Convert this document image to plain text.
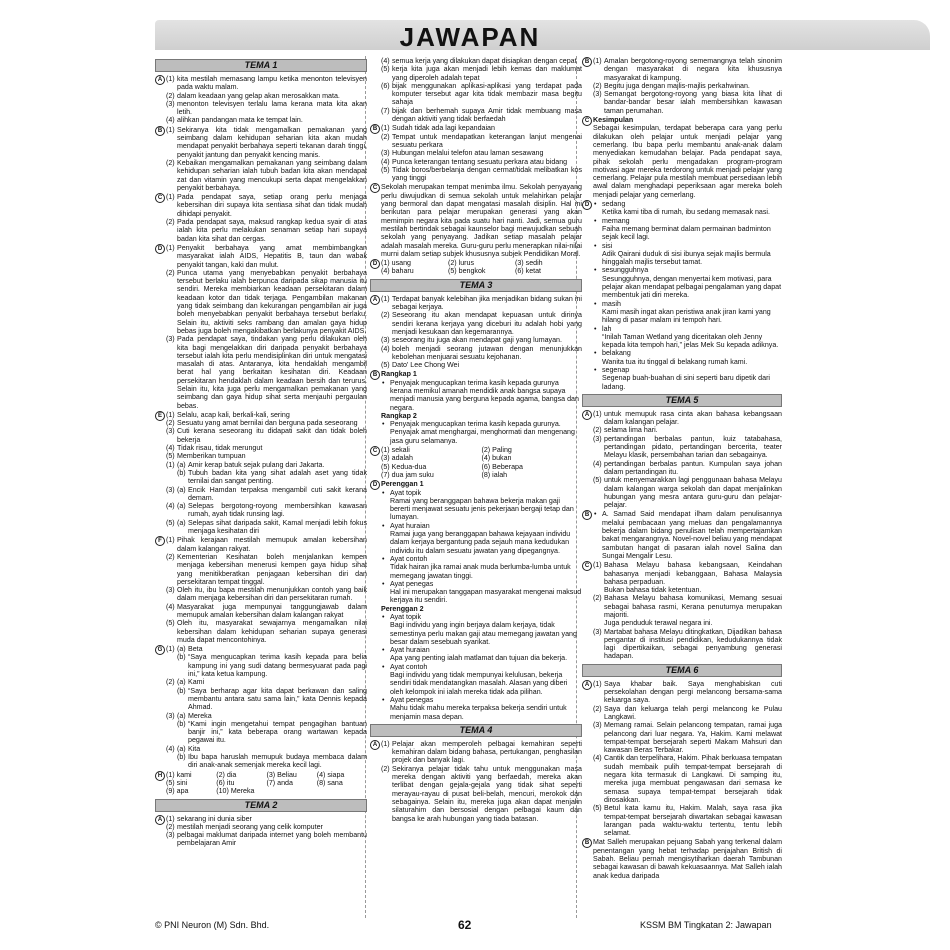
JAWAPAN
TEMA 1
A (1) kita mestilah memasang lampu ketika menonton televisyen pada waktu malam.
(2) dalam keadaan yang gelap akan merosakkan mata.
(3) menonton televisyen terlalu lama kerana mata kita akan letih.
(4) alihkan pandangan mata ke tempat lain.
B (1) Sekiranya kita tidak mengamalkan pemakanan yang seimbang dalam kehidupan seharian kita akan mudah mendapat penyakit berbahaya seperti tekanan darah tinggi, penyakit jantung dan penyakit kencing manis.
(2) Kebaikan mengamalkan pemakanan yang seimbang dalam kehidupan seharian ialah tubuh badan kita akan mendapat zat dan vitamin yang mencukupi serta dapat mengelakkan penyakit berbahaya.
C (1) Pada pendapat saya, setiap orang perlu menjaga kebersihan diri supaya kita sentiasa sihat dan tidak mudah dihidapi penyakit.
(2) Pada pendapat saya, maksud rangkap kedua syair di atas ialah kita perlu melakukan senaman setiap hari supaya badan kita sihat dan cergas.
D (1) Penyakit berbahaya yang amat membimbangkan masyarakat ialah AIDS, Hepatitis B, taun dan wabak penyakit tangan, kaki dan mulut.
(2) Punca utama yang menyebabkan penyakit berbahaya tersebut berlaku ialah berpunca daripada sikap manusia itu sendiri. Mereka membiarkan keadaan persekitaran dalam keadaan kotor dan tidak terjaga. Pengambilan makanan yang tidak seimbang dan kekurangan pengambilan air juga boleh menyebabkan penyakit berbahaya tersebut berlaku. Selain itu, aktiviti seks rambang dan amalan gaya hidup bebas juga boleh mengakibatkan berlakunya penyakit AIDS.
(3) Pada pendapat saya, tindakan yang perlu dilakukan oleh kita bagi mengelakkan diri daripada penyakit berbahaya tersebut ialah kita perlu mendisiplinkan diri untuk mengatasi masalah di atas. Antaranya, kita hendaklah mengambil berat hal yang berkaitan kesihatan diri. Keadaan persekitaran hendaklah dalam keadaan bersih dan terurus. Selain itu, kita juga perlu mengamalkan pemakanan yang seimbang dan gaya hidup sihat serta menjauhi pergaulan bebas.
E (1) Selalu, acap kali, berkali-kali, sering
(2) Sesuatu yang amat bernilai dan berguna pada seseorang
(3) Cuti kerana seseorang itu didapati sakit dan tidak boleh bekerja
(4) Tidak risau, tidak merungut
(5) Memberikan tumpuan
(1) (a) Amir kerap batuk sejak pulang dari Jakarta.
(b) Tubuh badan kita yang sihat adalah aset yang tidak ternilai dan sangat penting.
(3) (a) Encik Hamdan terpaksa mengambil cuti sakit kerana demam.
(4) (a) Selepas bergotong-royong membersihkan kawasan rumah, ayah tidak runsing lagi.
(5) (a) Selepas sihat daripada sakit, Kamal menjadi lebih fokus menjaga kesihatan diri
F (1) Pihak kerajaan mestilah memupuk amalan kebersihan dalam kalangan rakyat.
(2) Kementerian Kesihatan boleh menjalankan kempen menjaga kebersihan menerusi kempen gaya hidup sihat yang menitikberatkan penjagaan kebersihan diri dan persekitaran tempat tinggal.
(3) Oleh itu, ibu bapa mestilah menunjukkan contoh yang baik dalam menjaga kebersihan diri dan persekitaran rumah.
(4) Masyarakat juga mempunyai tanggungjawab dalam memupuk amalan kebersihan dalam kalangan rakyat
(5) Oleh itu, masyarakat sewajarnya mengamalkan nilai kebersihan dalam kehidupan seharian supaya generasi muda dapat mencontohinya.
G (1) (a) Beta
(b) “Saya mengucapkan terima kasih kepada para belia kampung ini yang sudi datang bermesyuarat pada pagi ini,” kata ketua kampung.
(2) (a) Kami
(b) “Saya berharap agar kita dapat berkawan dan saling membantu antara satu sama lain,” kata Dennis kepada Ahmad.
(3) (a) Mereka
(b) “Kami ingin mengetahui tempat pengagihan bantuan banjir ini,” kata beberapa orang wartawan kepada pegawai itu.
(4) (a) Kita
(b) Ibu bapa haruslah memupuk budaya membaca dalam diri anak-anak semenjak mereka kecil lagi.
H (1) kami	(2) dia	(3) Beliau	(4) siapa
(5) sini	(6) itu	(7) anda	(8) sana
(9) apa	(10) Mereka
TEMA 2
A (1) sekarang ini dunia siber
(2) mestilah menjadi seorang yang celik komputer
(3) pelbagai maklumat daripada internet yang boleh membantu pembelajaran Amir
(4) semua kerja yang dilakukan dapat disiapkan dengan cepat
(5) kerja kita juga akan menjadi lebih kemas dan maklumat yang diperoleh adalah tepat
(6) bijak menggunakan aplikasi-aplikasi yang terdapat pada komputer tersebut agar kita tidak membazir masa begitu sahaja
(7) bijak dan berhemah supaya Amir tidak membuang masa dengan aktiviti yang tidak berfaedah
B (1) Sudah tidak ada lagi kepandaian
(2) Tempat untuk mendapatkan keterangan lanjut mengenai sesuatu perkara
(3) Hubungan melalui telefon atau laman sesawang
(4) Punca keterangan tentang sesuatu perkara atau bidang
(5) Tidak boros/berbelanja dengan cermat/tidak melibatkan kos yang tinggi
C Sekolah merupakan tempat menimba ilmu. Sekolah penyayang perlu diwujudkan di semua sekolah untuk melahirkan pelajar yang bermoral dan dapat mengatasi masalah disiplin. Hal ini berikutan para pelajar merupakan generasi yang akan memimpin negara kita pada suatu hari nanti. Jadi, semua guru mestilah bertindak sebagai kaunselor bagi mewujudkan sebuah sekolah yang penyayang. Jadikan setiap masalah pelajar adalah masalah mereka. Guru-guru perlu menerapkan nilai-nilai murni dalam setiap subjek khususnya subjek Pendidikan Moral.
D (1) usang	(2) lurus	(3) sedih
(4) baharu	(5) bengkok	(6) ketat
TEMA 3
A (1) Terdapat banyak kelebihan jika menjadikan bidang sukan ini sebagai kerjaya.
(2) Seseorang itu akan mendapat kepuasan untuk dirinya sendiri kerana kerjaya yang diceburi itu adalah hobi yang menjadi kesukaan dan kegemarannya.
(3) seseorang itu juga akan mendapat gaji yang lumayan.
(4) boleh menjadi seorang jutawan dengan menunjukkan kebolehan menjuarai sesuatu kejohanan.
(5) Dato' Lee Chong Wei
B Rangkap 1
• Penyajak mengucapkan terima kasih kepada gurunya kerana memikul amanah mendidik anak bangsa supaya menjadi manusia yang berguna kepada agama, bangsa dan negara.
Rangkap 2
• Penyajak mengucapkan terima kasih kepada gurunya. Penyajak amat menghargai, menghormati dan mengenang jasa guru selamanya.
C (1) sekali	(2) Paling
(3) adalah	(4) bukan
(5) Kedua-dua	(6) Beberapa
(7) dua jam suku	(8) ialah
D Perenggan 1
• Ayat topik
Ramai yang beranggapan bahawa bekerja makan gaji bererti menjawat sesuatu jenis pekerjaan bergaji tetap dan lumayan.
• Ayat huraian
Ramai juga yang beranggapan bahawa kejayaan individu dalam kerjaya bergantung pada sejauh mana kedudukan individu itu dalam sesuatu jawatan yang dipegangnya.
• Ayat contoh
Tidak hairan jika ramai anak muda berlumba-lumba untuk memegang jawatan tinggi.
• Ayat penegas
Hal ini merupakan tanggapan masyarakat mengenai maksud kerjaya itu sendiri.
Perenggan 2
• Ayat topik
Bagi individu yang ingin berjaya dalam kerjaya, tidak semestinya perlu makan gaji atau memegang jawatan yang besar dalam sesebuah syarikat.
• Ayat huraian
Apa yang penting ialah matlamat dan tujuan dia bekerja.
• Ayat contoh
Bagi individu yang tidak mempunyai kelulusan, bekerja sendiri tidak mendatangkan masalah. Alasan yang diberi oleh kelompok ini ialah mereka tidak ada pilihan.
• Ayat penegas
Mahu tidak mahu mereka terpaksa bekerja sendiri untuk menjamin masa depan.
TEMA 4
A (1) Pelajar akan memperoleh pelbagai kemahiran seperti kemahiran dalam bidang bahasa, pertukangan, penghasilan projek dan banyak lagi.
(2) Sekiranya pelajar tidak tahu untuk menggunakan masa mereka dengan aktiviti yang berfaedah, mereka akan terlibat dengan gejala-gejala yang tidak sihat seperti merayau-rayau di pusat beli-belah, mencuri, merokok dan sebagainya. Selain itu, mereka juga akan dapat menjalin silaturahim dan bersosial dengan pelbagai kaum dan bangsa ke arah hubungan yang tiada batasan.
B (1) Amalan bergotong-royong sememangnya telah sinonim dengan masyarakat di negara kita khususnya masyarakat di kampung.
(2) Begitu juga dengan majlis-majlis perkahwinan.
(3) Semangat bergotong-royong yang biasa kita lihat di bandar-bandar besar ialah membersihkan kawasan taman perumahan.
C Kesimpulan
Sebagai kesimpulan, terdapat beberapa cara yang perlu dilakukan oleh pelajar untuk menjadi pelajar yang cemerlang. Ibu bapa perlu membantu anak-anak dalam menyediakan kemudahan belajar. Pada pendapat saya, pihak sekolah perlu mengadakan program-program motivasi agar mereka terdorong untuk menjadi pelajar yang cemerlang. Pelajar pula mestilah membuat persediaan lebih awal dalam menghadapi peperiksaan agar mereka boleh menjadi pelajar yang cemerlang.
D	• sedang
Ketika kami tiba di rumah, ibu sedang memasak nasi.
• memang
Faiha memang berminat dalam permainan badminton sejak kecil lagi.
• sisi
Adik Qairani duduk di sisi ibunya sejak majlis bermula hinggalah majlis tersebut tamat.
• sesungguhnya
Sesungguhnya, dengan menyertai kem motivasi, para pelajar akan mendapat pelbagai pengalaman yang dapat membentuk jati diri mereka.
• masih
Kami masih ingat akan peristiwa anak jiran kami yang hilang di pasar malam ini tempoh hari.
• lah
“Inilah Taman Wetland yang diceritakan oleh Jenny kepada kita tempoh hari,” jelas Mek Su kepada adiknya.
• belakang
Wanita tua itu tinggal di belakang rumah kami.
• segenap
Segenap buah-buahan di sini seperti baru dipetik dari ladang.
TEMA 5
A (1) untuk memupuk rasa cinta akan bahasa kebangsaan dalam kalangan pelajar.
(2) selama lima hari.
(3) pertandingan berbalas pantun, kuiz tatabahasa, pertandingan pidato, pertandingan bercerita, teater Melayu klasik, persembahan tarian dan sebagainya.
(4) pertandingan berbalas pantun. Kumpulan saya johan dalam pertandingan itu.
(5) untuk menyemarakkan lagi penggunaan bahasa Melayu dalam kalangan warga sekolah dan dapat menjalinkan hubungan yang mesra antara guru-guru dan pelajar-pelajar.
B	• A. Samad Said mendapat ilham dalam penulisannya melalui pembacaan yang meluas dan pengalamannya bekerja dalam bidang penulisan telah mempertajamkan bakat mengarangnya. Novel-novel beliau yang mendapat sambutan hangat di pasaran ialah novel Salina dan Sungai Mengalir Lesu.
C (1) Bahasa Melayu bahasa kebangsaan, Keindahan bahasanya menjadi kebanggaan, Bahasa Malaysia bahasa perpaduan.
Bukan bahasa tidak ketentuan.
(2) Bahasa Melayu bahasa komunikasi, Memang sesuai sebagai bahasa rasmi, Kerana penuturnya merupakan majoriti.
Juga penduduk terawal negara ini.
(3) Martabat bahasa Melayu ditingkatkan, Dijadikan bahasa pengantar di institusi pendidikan, kedudukannya tidak lagi dipertikaikan, sebagai penyambung generasi hadapan.
TEMA 6
A (1) Saya khabar baik. Saya menghabiskan cuti persekolahan dengan pergi melancong bersama-sama keluarga saya.
(2) Saya dan keluarga telah pergi melancong ke Pulau Langkawi.
(3) Memang ramai. Selain pelancong tempatan, ramai juga pelancong dari luar negara. Ya, Hakim. Kami melawat tempat-tempat bersejarah seperti Makam Mahsuri dan kawasan Beras Terbakar.
(4) Cantik dan terpelihara, Hakim. Pihak berkuasa tempatan sudah membaik pulih tempat-tempat bersejarah di negara kita termasuk di Langkawi. Di samping itu, mereka juga membuat pengawasan dari semasa ke semasa supaya tempat-tempat bersejarah tidak dirosakkan.
(5) Betul kata kamu itu, Hakim. Malah, saya rasa jika tempat-tempat bersejarah diwartakan sebagai kawasan larangan pada waktu-waktu tertentu, tentu lebih selamat.
B Mat Salleh merupakan pejuang Sabah yang terkenal dalam penentangan yang hebat terhadap penjajahan British di Sabah. Beliau pernah mengisytiharkan daerah Tambunan sebagai kawasan di bawah kekuasaannya. Mat Salleh ialah anak kedua daripada
© PNI Neuron (M) Sdn. Bhd.	62	KSSM BM Tingkatan 2: Jawapan
